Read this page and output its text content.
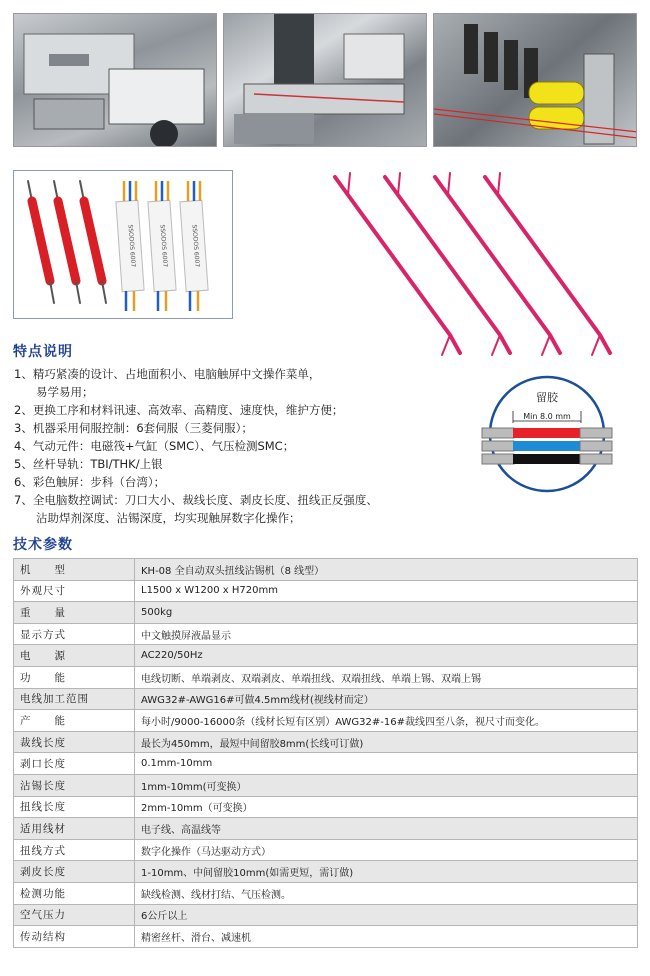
SSODOS 6007	SSODOS 6007	SSODOS 6007
特点说明
1、精巧紧凑的设计、占地面积小、电脑触屏中文操作菜单，
易学易用；
2、更换工序和材料讯速、高效率、高精度、速度快，维护方便；
3、机器采用伺服控制：6套伺服（三菱伺服）；
4、气动元件：电磁筏+气缸（SMC）、气压检测SMC；
5、丝杆导轨：TBI/THK/上银
6、彩色触屏：步科（台湾）；
7、全电脑数控调试：刀口大小、裁线长度、剥皮长度、扭线正反强度、
沾助焊剂深度、沾锡深度，均实现触屏数字化操作；
留胶
Min 8.0 mm
技术参数
机　　型	KH-08 全自动双头扭线沾锡机（8 线型）
外观尺寸	L1500 x W1200 x H720mm
重　　量	500kg
显示方式	中文触摸屏液晶显示
电　　源	AC220/50Hz
功　　能	电线切断、单端剥皮、双端剥皮、单端扭线、双端扭线、单端上锡、双端上锡
电线加工范围	AWG32#-AWG16#可做4.5mm线材(视线材而定）
产　　能	每小时/9000-16000条（线材长短有区别）AWG32#-16#裁线四至八条，视尺寸而变化。
裁线长度	最长为450mm，最短中间留胶8mm(长线可订做)
剥口长度	0.1mm-10mm
沾锡长度	1mm-10mm(可变换）
扭线长度	2mm-10mm（可变换）
适用线材	电子线、高温线等
扭线方式	数字化操作（马达驱动方式）
剥皮长度	1-10mm、中间留胶10mm(如需更短，需订做)
检测功能	缺线检测、线材打结、气压检测。
空气压力	6公斤以上
传动结构	精密丝杆、滑台、减速机
